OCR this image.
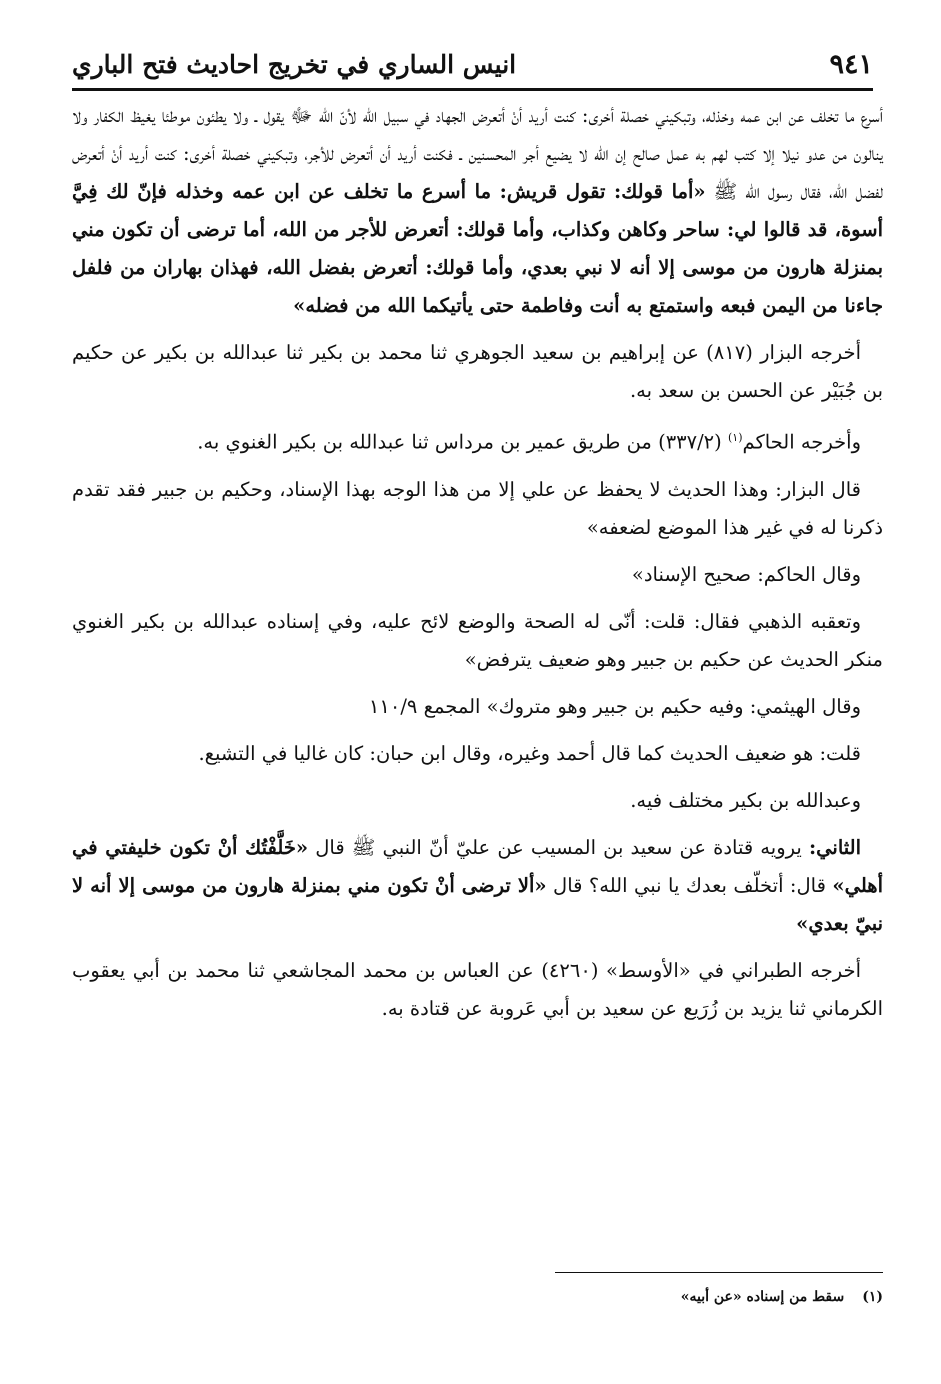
انيس الساري في تخريج احاديث فتح الباري	٩٤١

أسرع ما تخلف عن ابن عمه وخذله، وتبكيني خصلة أخرى: كنت أريد أنْ أتعرض الجهاد في سبيل الله لأنّ الله ﷻ يقول ـ ولا يطئون موطئا يغيظ الكفار ولا ينالون من عدو نيلا إلا كتب لهم به عمل صالح إن الله لا يضيع أجر المحسنين ـ فكنت أريد أن أتعرض للأجر، وتبكيني خصلة أخرى: كنت أريد أنْ أتعرض لفضل الله، فقال رسول الله ﷺ «أما قولك: تقول قريش: ما أسرع ما تخلف عن ابن عمه وخذله فإنّ لك فِيَّ أسوة، قد قالوا لي: ساحر وكاهن وكذاب، وأما قولك: أتعرض للأجر من الله، أما ترضى أن تكون مني بمنزلة هارون من موسى إلا أنه لا نبي بعدي، وأما قولك: أتعرض بفضل الله، فهذان بهاران من فلفل جاءنا من اليمن فبعه واستمتع به أنت وفاطمة حتى يأتيكما الله من فضله»

أخرجه البزار (٨١٧) عن إبراهيم بن سعيد الجوهري ثنا محمد بن بكير ثنا عبدالله بن بكير عن حكيم بن جُبَيْر عن الحسن بن سعد به.

وأخرجه الحاكم$^{(١)}$ (٣٣٧/٢) من طريق عمير بن مرداس ثنا عبدالله بن بكير الغنوي به.

قال البزار: وهذا الحديث لا يحفظ عن علي إلا من هذا الوجه بهذا الإسناد، وحكيم بن جبير فقد تقدم ذكرنا له في غير هذا الموضع لضعفه»

وقال الحاكم: صحيح الإسناد»

وتعقبه الذهبي فقال: قلت: أنّى له الصحة والوضع لائح عليه، وفي إسناده عبدالله بن بكير الغنوي منكر الحديث عن حكيم بن جبير وهو ضعيف يترفض»

وقال الهيثمي: وفيه حكيم بن جبير وهو متروك» المجمع ١١٠/٩

قلت: هو ضعيف الحديث كما قال أحمد وغيره، وقال ابن حبان: كان غاليا في التشيع.

وعبدالله بن بكير مختلف فيه.

الثاني: يرويه قتادة عن سعيد بن المسيب عن عليّ أنّ النبي ﷺ قال «خَلَّفْتُك أنْ تكون خليفتي في أهلي» قال: أتخلّف بعدك يا نبي الله؟ قال «ألا ترضى أنْ تكون مني بمنزلة هارون من موسى إلا أنه لا نبيّ بعدي»

أخرجه الطبراني في «الأوسط» (٤٢٦٠) عن العباس بن محمد المجاشعي ثنا محمد بن أبي يعقوب الكرماني ثنا يزيد بن زُرَيع عن سعيد بن أبي عَروبة عن قتادة به.

(١)سقط من إسناده «عن أبيه»
